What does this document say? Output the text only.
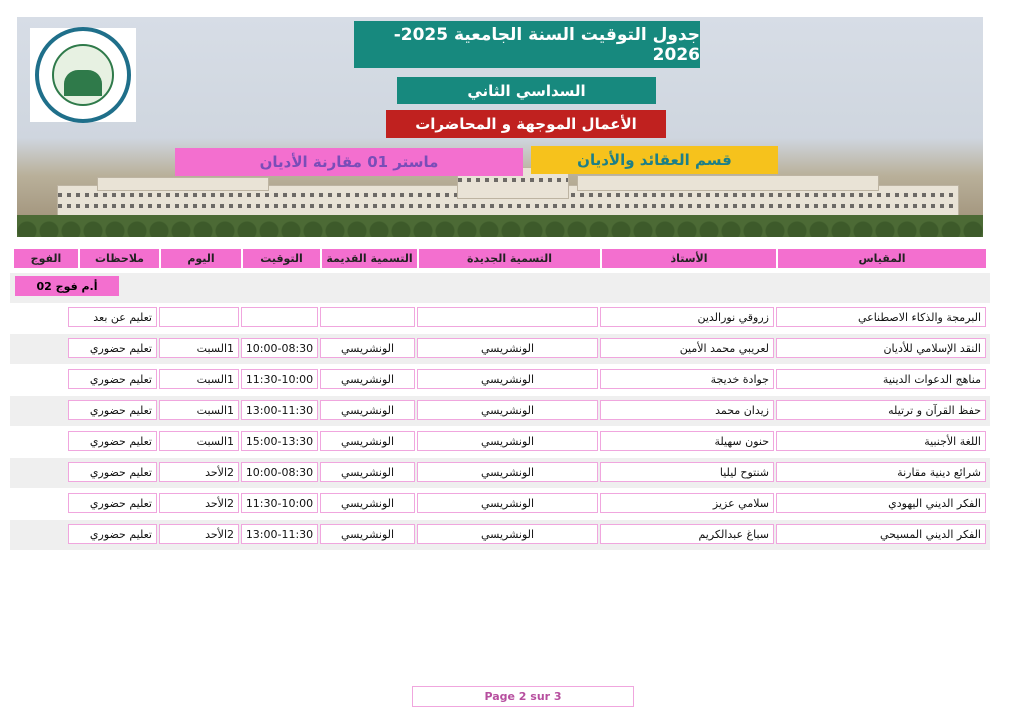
جدول التوقيت السنة الجامعية 2025-2026
السداسي الثاني
الأعمال الموجهة و المحاضرات
قسم العقائد والأديان
ماستر 01 مقارنة الأديان
المقياس
الأستاذ
التسمية الجديدة
التسمية القديمة
التوقيت
اليوم
ملاحظات
الفوج
أ.م فوج 02
البرمجة والذكاء الاصطناعي
زروقي نورالدين
تعليم عن بعد
النقد الإسلامي للأديان
لعريبي محمد الأمين
الونشريسي
الونشريسي
10:00-08:30
1السبت
تعليم حضوري
مناهج الدعوات الدينية
جوادة خديجة
الونشريسي
الونشريسي
11:30-10:00
1السبت
تعليم حضوري
حفظ القرآن و ترتيله
زيدان محمد
الونشريسي
الونشريسي
13:00-11:30
1السبت
تعليم حضوري
اللغة الأجنبية
حنون سهيلة
الونشريسي
الونشريسي
15:00-13:30
1السبت
تعليم حضوري
شرائع دينية مقارنة
شنتوح ليليا
الونشريسي
الونشريسي
10:00-08:30
2الأحد
تعليم حضوري
الفكر الديني اليهودي
سلامي عزيز
الونشريسي
الونشريسي
11:30-10:00
2الأحد
تعليم حضوري
الفكر الديني المسيحي
سباغ عبدالكريم
الونشريسي
الونشريسي
13:00-11:30
2الأحد
تعليم حضوري
Page 2 sur 3
